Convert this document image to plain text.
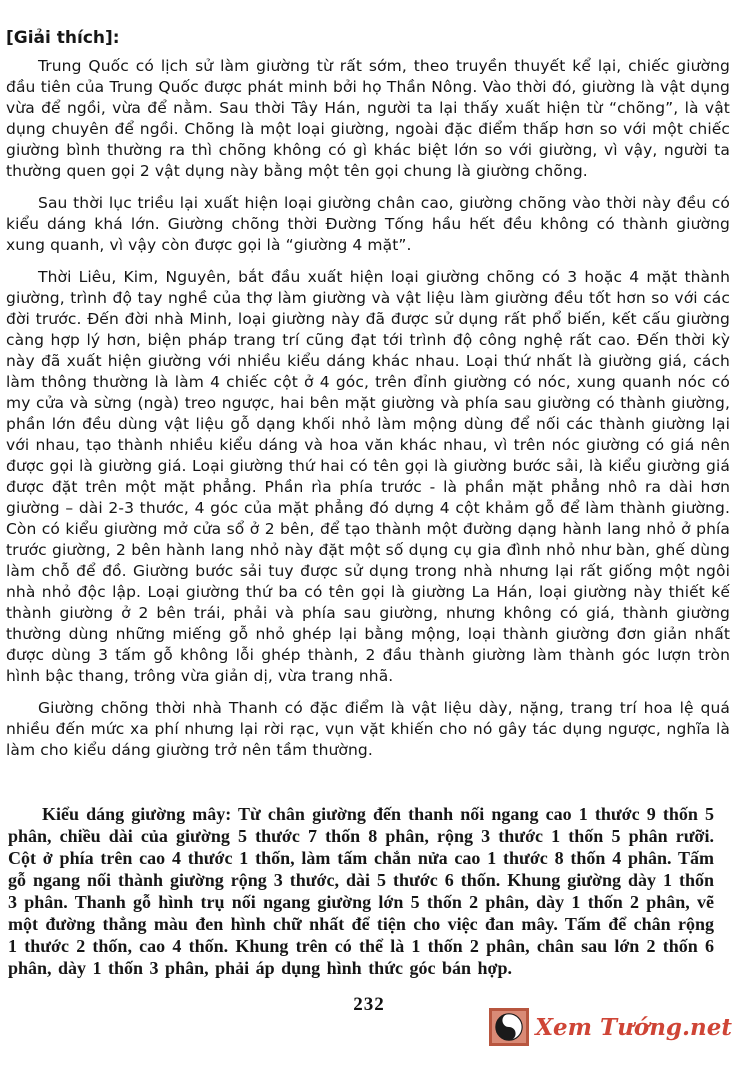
[Giải thích]:

Trung Quốc có lịch sử làm giường từ rất sớm, theo truyền thuyết kể lại, chiếc giường đầu tiên của Trung Quốc được phát minh bởi họ Thần Nông. Vào thời đó, giường là vật dụng vừa để ngồi, vừa để nằm. Sau thời Tây Hán, người ta lại thấy xuất hiện từ “chõng”, là vật dụng chuyên để ngồi. Chõng là một loại giường, ngoài đặc điểm thấp hơn so với một chiếc giường bình thường ra thì chõng không có gì khác biệt lớn so với giường, vì vậy, người ta thường quen gọi 2 vật dụng này bằng một tên gọi chung là giường chõng.

Sau thời lục triều lại xuất hiện loại giường chân cao, giường chõng vào thời này đều có kiểu dáng khá lớn. Giường chõng thời Đường Tống hầu hết đều không có thành giường xung quanh, vì vậy còn được gọi là “giường 4 mặt”.

Thời Liêu, Kim, Nguyên, bắt đầu xuất hiện loại giường chõng có 3 hoặc 4 mặt thành giường, trình độ tay nghề của thợ làm giường và vật liệu làm giường đều tốt hơn so với các đời trước. Đến đời nhà Minh, loại giường này đã được sử dụng rất phổ biến, kết cấu giường càng hợp lý hơn, biện pháp trang trí cũng đạt tới trình độ công nghệ rất cao. Đến thời kỳ này đã xuất hiện giường với nhiều kiểu dáng khác nhau. Loại thứ nhất là giường giá, cách làm thông thường là làm 4 chiếc cột ở 4 góc, trên đỉnh giường có nóc, xung quanh nóc có my cửa và sừng (ngà) treo ngược, hai bên mặt giường và phía sau giường có thành giường, phần lớn đều dùng vật liệu gỗ dạng khối nhỏ làm mộng dùng để nối các thành giường lại với nhau, tạo thành nhiều kiểu dáng và hoa văn khác nhau, vì trên nóc giường có giá nên được gọi là giường giá. Loại giường thứ hai có tên gọi là giường bước sải, là kiểu giường giá được đặt trên một mặt phẳng. Phần rìa phía trước - là phần mặt phẳng nhô ra dài hơn giường – dài 2-3 thước, 4 góc của mặt phẳng đó dựng 4 cột khảm gỗ để làm thành giường. Còn có kiểu giường mở cửa sổ ở 2 bên, để tạo thành một đường dạng hành lang nhỏ ở phía trước giường, 2 bên hành lang nhỏ này đặt một số dụng cụ gia đình nhỏ như bàn, ghế dùng làm chỗ để đồ. Giường bước sải tuy được sử dụng trong nhà nhưng lại rất giống một ngôi nhà nhỏ độc lập. Loại giường thứ ba có tên gọi là giường La Hán, loại giường này thiết kế thành giường ở 2 bên trái, phải và phía sau giường, nhưng không có giá, thành giường thường dùng những miếng gỗ nhỏ ghép lại bằng mộng, loại thành giường đơn giản nhất được dùng 3 tấm gỗ không lỗi ghép thành, 2 đầu thành giường làm thành góc lượn tròn hình bậc thang, trông vừa giản dị, vừa trang nhã.

Giường chõng thời nhà Thanh có đặc điểm là vật liệu dày, nặng, trang trí hoa lệ quá nhiều đến mức xa phí nhưng lại rời rạc, vụn vặt khiến cho nó gây tác dụng ngược, nghĩa là làm cho kiểu dáng giường trở nên tầm thường.

Kiểu dáng giường mây: Từ chân giường đến thanh nối ngang cao 1 thước 9 thốn 5 phân, chiều dài của giường 5 thước 7 thốn 8 phân, rộng 3 thước 1 thốn 5 phân rưỡi. Cột ở phía trên cao 4 thước 1 thốn, làm tấm chắn nửa cao 1 thước 8 thốn 4 phân. Tấm gỗ ngang nối thành giường rộng 3 thước, dài 5 thước 6 thốn. Khung giường dày 1 thốn 3 phân. Thanh gỗ hình trụ nối ngang giường lớn 5 thốn 2 phân, dày 1 thốn 2 phân, vẽ một đường thẳng màu đen hình chữ nhất để tiện cho việc đan mây. Tấm để chân rộng 1 thước 2 thốn, cao 4 thốn. Khung trên có thể là 1 thốn 2 phân, chân sau lớn 2 thốn 6 phân, dày 1 thốn 3 phân, phải áp dụng hình thức góc bán hợp.

232
Xem Tướng.net
